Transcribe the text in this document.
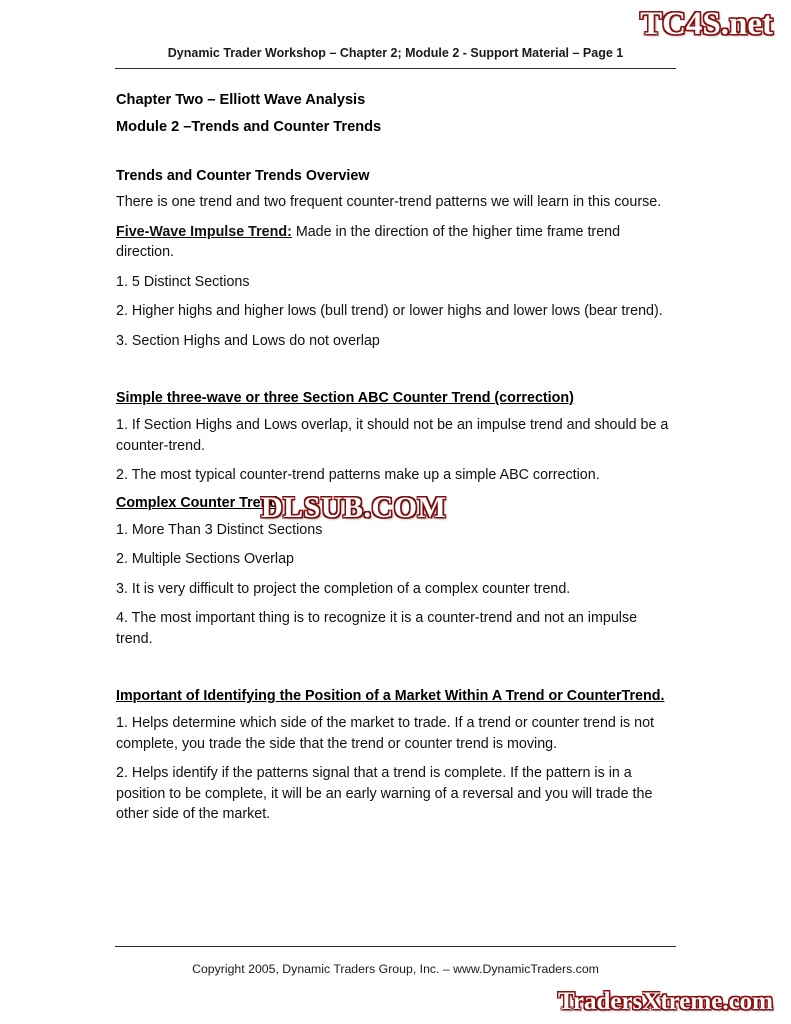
TC4S.net
Dynamic Trader Workshop – Chapter 2; Module 2 - Support Material – Page 1
Chapter Two – Elliott Wave Analysis
Module 2 –Trends and Counter Trends
Trends and Counter Trends Overview

There is one trend and two frequent counter-trend patterns we will learn in this course.

Five-Wave Impulse Trend: Made in the direction of the higher time frame trend direction.

1. 5 Distinct Sections

2. Higher highs and higher lows (bull trend) or lower highs and lower lows (bear trend).

3. Section Highs and Lows do not overlap

Simple three-wave or three Section ABC Counter Trend (correction)

1. If Section Highs and Lows overlap, it should not be an impulse trend and should be a counter-trend.

2. The most typical counter-trend patterns make up a simple ABC correction.

Complex Counter Trend

1. More Than 3 Distinct Sections

2. Multiple Sections Overlap

3. It is very difficult to project the completion of a complex counter trend.

4. The most important thing is to recognize it is a counter-trend and not an impulse trend.

Important of Identifying the Position of a Market Within A Trend or CounterTrend.

1. Helps determine which side of the market to trade. If a trend or counter trend is not complete, you trade the side that the trend or counter trend is moving.

2. Helps identify if the patterns signal that a trend is complete. If the pattern is in a position to be complete, it will be an early warning of a reversal and you will trade the other side of the market.

DLSUB.COM
Copyright 2005, Dynamic Traders Group, Inc. – www.DynamicTraders.com
TradersXtreme.com
